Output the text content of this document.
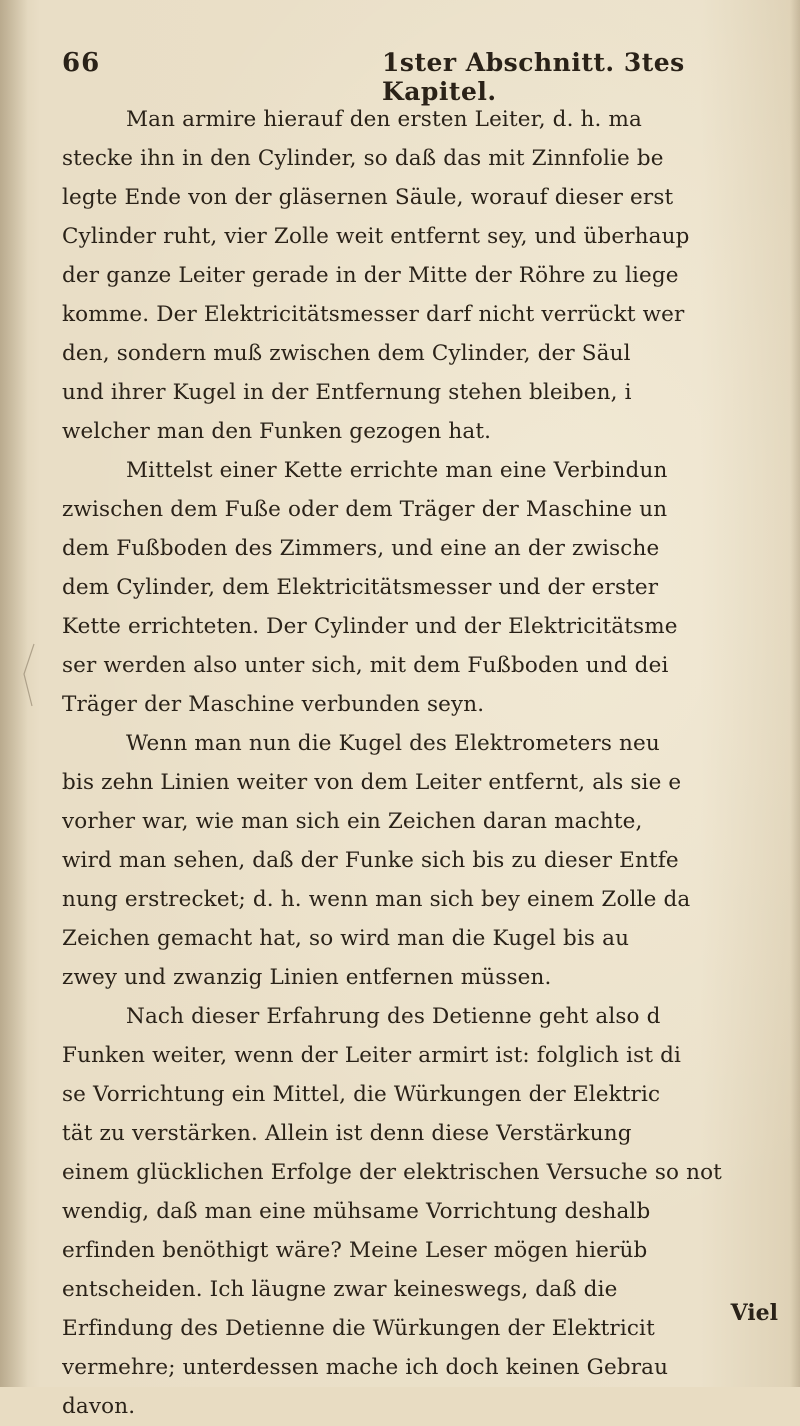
66	1ster Abschnitt. 3tes Kapitel.
Man armire hierauf den ersten Leiter, d. h. ma
stecke ihn in den Cylinder, so daß das mit Zinnfolie be
legte Ende von der gläsernen Säule, worauf dieser erst
Cylinder ruht, vier Zolle weit entfernt sey, und überhaup
der ganze Leiter gerade in der Mitte der Röhre zu liege
komme. Der Elektricitätsmesser darf nicht verrückt wer
den, sondern muß zwischen dem Cylinder, der Säul
und ihrer Kugel in der Entfernung stehen bleiben, i
welcher man den Funken gezogen hat.
Mittelst einer Kette errichte man eine Verbindun
zwischen dem Fuße oder dem Träger der Maschine un
dem Fußboden des Zimmers, und eine an der zwische
dem Cylinder, dem Elektricitätsmesser und der erster
Kette errichteten. Der Cylinder und der Elektricitätsme
ser werden also unter sich, mit dem Fußboden und dei
Träger der Maschine verbunden seyn.
Wenn man nun die Kugel des Elektrometers neu
bis zehn Linien weiter von dem Leiter entfernt, als sie e
vorher war, wie man sich ein Zeichen daran machte,
wird man sehen, daß der Funke sich bis zu dieser Entfe
nung erstrecket; d. h. wenn man sich bey einem Zolle da
Zeichen gemacht hat, so wird man die Kugel bis au
zwey und zwanzig Linien entfernen müssen.
Nach dieser Erfahrung des Detienne geht also d
Funken weiter, wenn der Leiter armirt ist: folglich ist di
se Vorrichtung ein Mittel, die Würkungen der Elektric
tät zu verstärken. Allein ist denn diese Verstärkung
einem glücklichen Erfolge der elektrischen Versuche so not
wendig, daß man eine mühsame Vorrichtung deshalb
erfinden benöthigt wäre? Meine Leser mögen hierüb
entscheiden. Ich läugne zwar keineswegs, daß die
Erfindung des Detienne die Würkungen der Elektricit
vermehre; unterdessen mache ich doch keinen Gebrau
davon.
Viel
